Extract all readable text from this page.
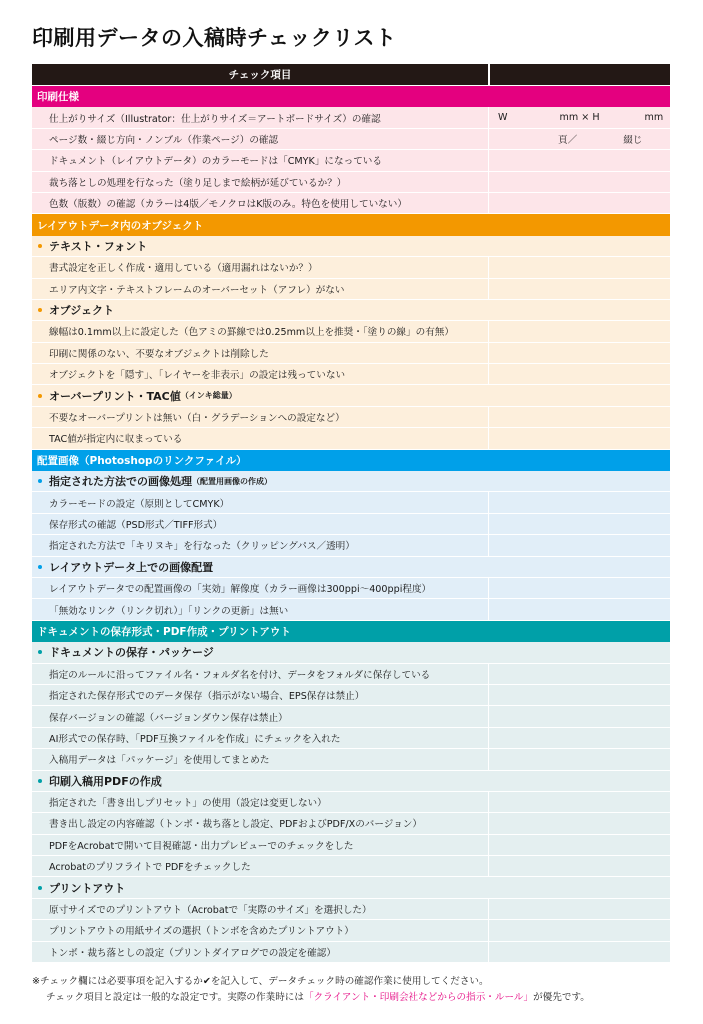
印刷用データの入稿時チェックリスト
チェック項目
印刷仕様
仕上がりサイズ（Illustrator：仕上がりサイズ＝アートボードサイズ）の確認	W	mm × H	mm
ページ数・綴じ方向・ノンブル（作業ページ）の確認	頁／	綴じ
ドキュメント（レイアウトデータ）のカラーモードは「CMYK」になっている
裁ち落としの処理を行なった（塗り足しまで絵柄が延びているか？）
色数（版数）の確認（カラーは4版／モノクロはK版のみ。特色を使用していない）
レイアウトデータ内のオブジェクト
テキスト・フォント
書式設定を正しく作成・適用している（適用漏れはないか？）
エリア内文字・テキストフレームのオーバーセット（アフレ）がない
オブジェクト
線幅は0.1mm以上に設定した（色アミの罫線では0.25mm以上を推奨・「塗りの線」の有無）
印刷に関係のない、不要なオブジェクトは削除した
オブジェクトを「隠す」、「レイヤーを非表示」の設定は残っていない
オーバープリント・TAC値 （インキ総量）
不要なオーバープリントは無い（白・グラデーションへの設定など）
TAC値が指定内に収まっている
配置画像（Photoshopのリンクファイル）
指定された方法での画像処理 （配置用画像の作成）
カラーモードの設定（原則としてCMYK）
保存形式の確認（PSD形式／TIFF形式）
指定された方法で「キリヌキ」を行なった（クリッピングパス／透明）
レイアウトデータ上での画像配置
レイアウトデータでの配置画像の「実効」解像度（カラー画像は300ppi～400ppi程度）
「無効なリンク（リンク切れ）」「リンクの更新」は無い
ドキュメントの保存形式・PDF作成・プリントアウト
ドキュメントの保存・パッケージ
指定のルールに沿ってファイル名・フォルダ名を付け、データをフォルダに保存している
指定された保存形式でのデータ保存（指示がない場合、EPS保存は禁止）
保存バージョンの確認（バージョンダウン保存は禁止）
AI形式での保存時、「PDF互換ファイルを作成」にチェックを入れた
入稿用データは「パッケージ」を使用してまとめた
印刷入稿用PDFの作成
指定された「書き出しプリセット」の使用（設定は変更しない）
書き出し設定の内容確認（トンボ・裁ち落とし設定、PDFおよびPDF/Xのバージョン）
PDFをAcrobatで開いて目視確認・出力プレビューでのチェックをした
Acrobatのプリフライトで PDFをチェックした
プリントアウト
原寸サイズでのプリントアウト（Acrobatで「実際のサイズ」を選択した）
プリントアウトの用紙サイズの選択（トンボを含めたプリントアウト）
トンボ・裁ち落としの設定（プリントダイアログでの設定を確認）
※チェック欄には必要事項を記入するか✔を記入して、データチェック時の確認作業に使用してください。
チェック項目と設定は一般的な設定です。実際の作業時には「クライアント・印刷会社などからの指示・ルール」が優先です。
